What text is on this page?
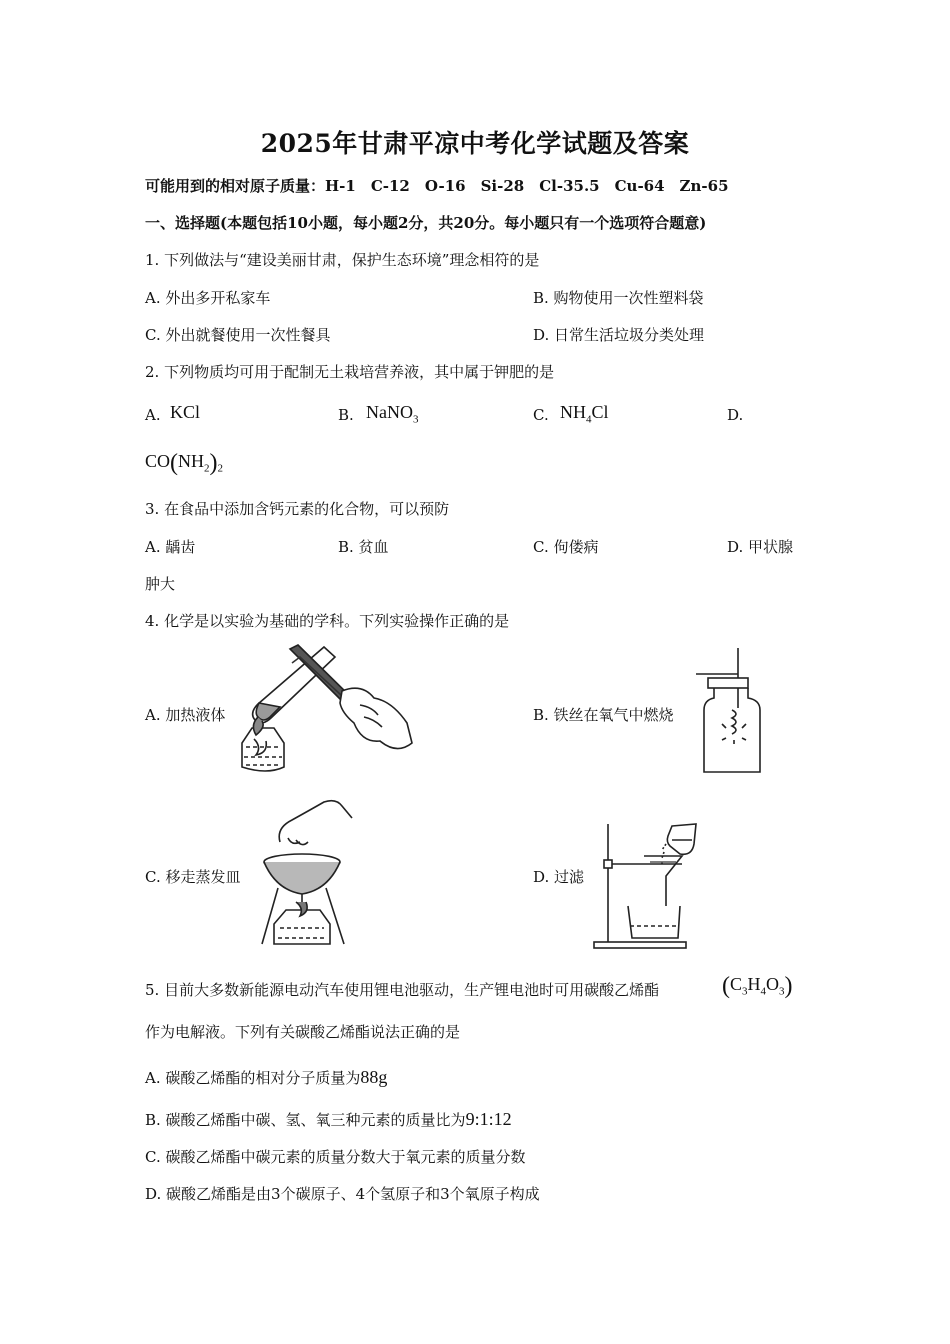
2025年甘肃平凉中考化学试题及答案
可能用到的相对原子质量：H-1　C-12　O-16　Si-28　Cl-35.5　Cu-64　Zn-65
一、选择题(本题包括10小题，每小题2分，共20分。每小题只有一个选项符合题意)
1. 下列做法与“建设美丽甘肃，保护生态环境”理念相符的是
A. 外出多开私家车	B. 购物使用一次性塑料袋
C. 外出就餐使用一次性餐具	D. 日常生活垃圾分类处理
2. 下列物质均可用于配制无土栽培营养液，其中属于钾肥的是
A. KCl	B. NaNO$_3$	C. $NH_4Cl$	D.
$CO(NH_2)_2$
3. 在食品中添加含钙元素的化合物，可以预防
A. 龋齿	B. 贫血	C. 佝偻病	D. 甲状腺
肿大
4. 化学是以实验为基础的学科。下列实验操作正确的是
A. 加热液体	B. 铁丝在氧气中燃烧
C. 移走蒸发皿	D. 过滤
5. 目前大多数新能源电动汽车使用锂电池驱动，生产锂电池时可用碳酸乙烯酯	$(C_3H_4O_3)$
作为电解液。下列有关碳酸乙烯酯说法正确的是
A. 碳酸乙烯酯的相对分子质量为88g
B. 碳酸乙烯酯中碳、氢、氧三种元素的质量比为9:1:12
C. 碳酸乙烯酯中碳元素的质量分数大于氧元素的质量分数
D. 碳酸乙烯酯是由3个碳原子、4个氢原子和3个氧原子构成
